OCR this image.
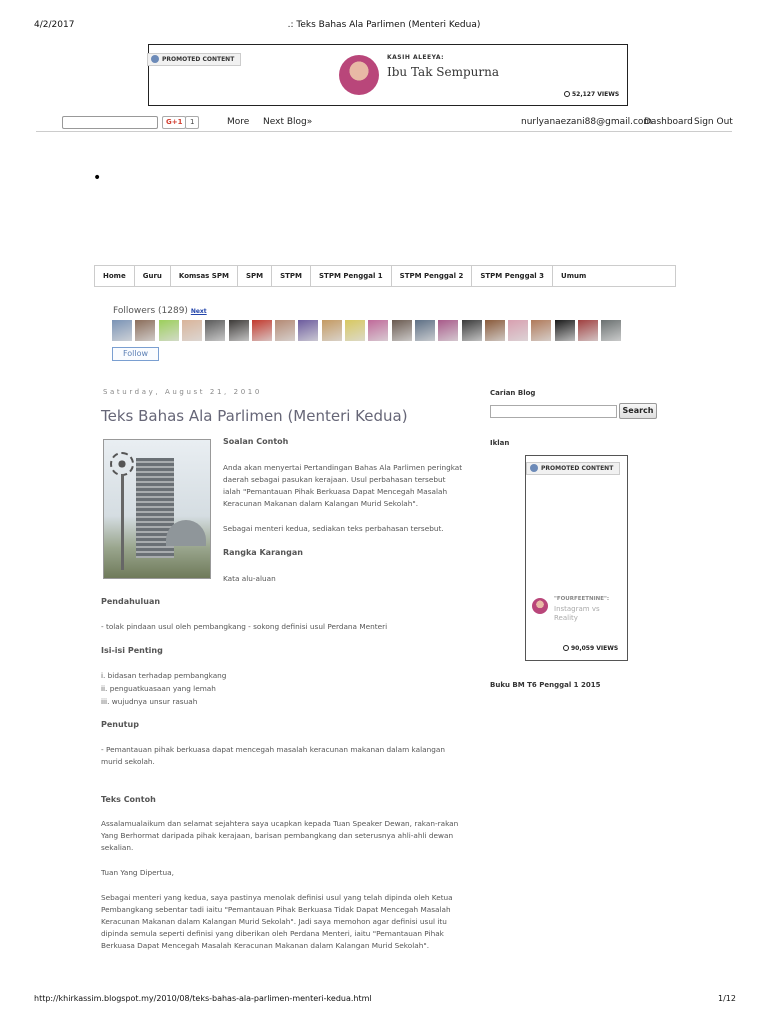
4/2/2017	.: Teks Bahas Ala Parlimen (Menteri Kedua)
PROMOTED CONTENT	KASIH ALEEYA:
Ibu Tak Sempurna
52,127 VIEWS
G+1	1	More Next Blog»	nurlyanaezani88@gmail.com
Dashboard Sign Out
•
Home	Guru	Komsas SPM	SPM	STPM	STPM Penggal 1	STPM Penggal 2	STPM Penggal 3	Umum
Followers (1289) Next
Follow
Saturday, August 21, 2010
Teks Bahas Ala Parlimen (Menteri Kedua)
Soalan Contoh
Anda akan menyertai Pertandingan Bahas Ala Parlimen peringkat daerah sebagai pasukan kerajaan. Usul perbahasan tersebut ialah "Pemantauan Pihak Berkuasa Dapat Mencegah Masalah Keracunan Makanan dalam Kalangan Murid Sekolah".
Sebagai menteri kedua, sediakan teks perbahasan tersebut.
Rangka Karangan
Kata alu-aluan
Pendahuluan
- tolak pindaan usul oleh pembangkang - sokong definisi usul Perdana Menteri
Isi-isi Penting
i. bidasan terhadap pembangkang
ii. penguatkuasaan yang lemah
iii. wujudnya unsur rasuah
Penutup
- Pemantauan pihak berkuasa dapat mencegah masalah keracunan makanan dalam kalangan murid sekolah.
Teks Contoh
Assalamualaikum dan selamat sejahtera saya ucapkan kepada Tuan Speaker Dewan, rakan-rakan Yang Berhormat daripada pihak kerajaan, barisan pembangkang dan seterusnya ahli-ahli dewan sekalian.
Tuan Yang Dipertua,
Sebagai menteri yang kedua, saya pastinya menolak definisi usul yang telah dipinda oleh Ketua Pembangkang sebentar tadi iaitu "Pemantauan Pihak Berkuasa Tidak Dapat Mencegah Masalah Keracunan Makanan dalam Kalangan Murid Sekolah". Jadi saya memohon agar definisi usul itu dipinda semula seperti definisi yang diberikan oleh Perdana Menteri, iaitu "Pemantauan Pihak Berkuasa Dapat Mencegah Masalah Keracunan Makanan dalam Kalangan Murid Sekolah".
Carian Blog
Search
Iklan
PROMOTED CONTENT
"FOURFEETNINE":
Instagram vs Reality
90,059 VIEWS
Buku BM T6 Penggal 1 2015
http://khirkassim.blogspot.my/2010/08/teks-bahas-ala-parlimen-menteri-kedua.html	1/12
